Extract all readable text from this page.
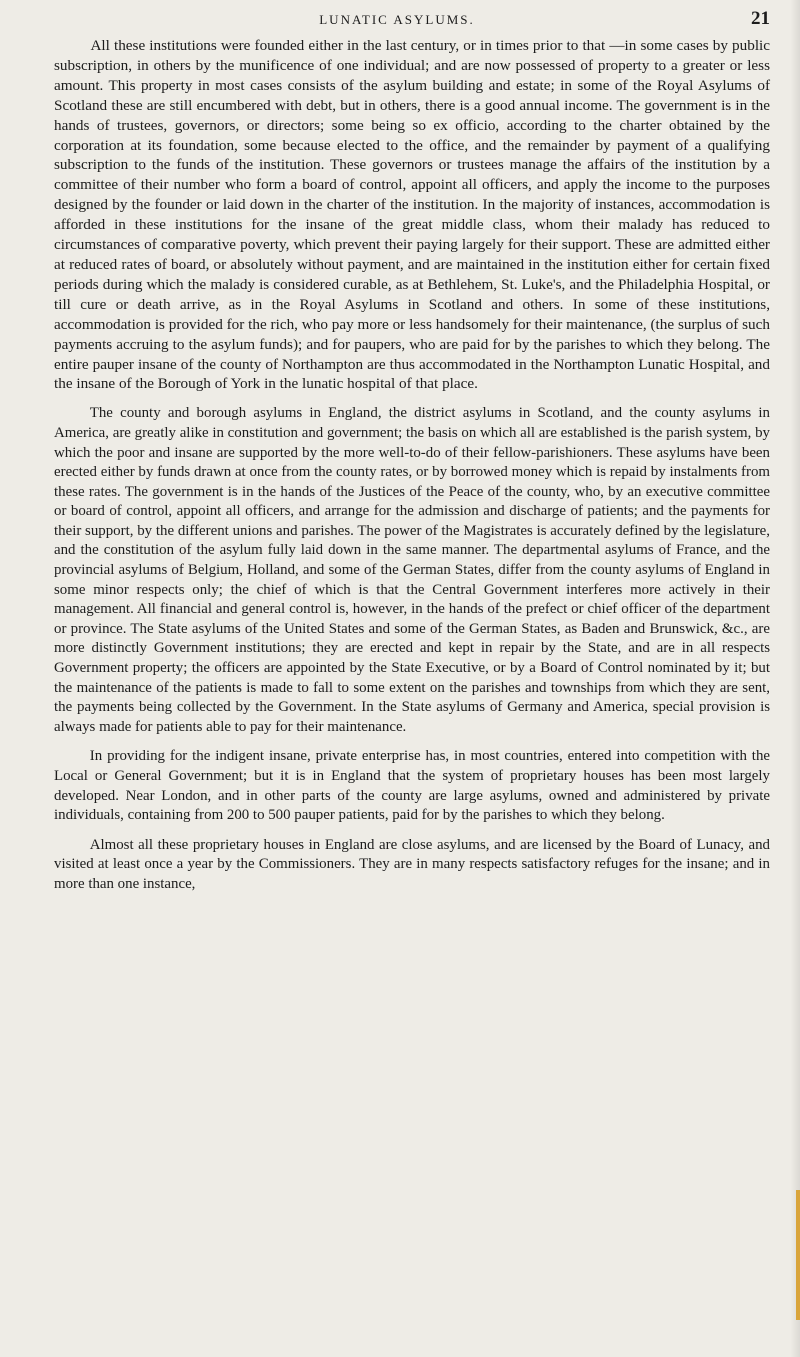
LUNATIC ASYLUMS.	21

All these institutions were founded either in the last century, or in times prior to that —in some cases by public subscription, in others by the munificence of one individual; and are now possessed of property to a greater or less amount. This property in most cases consists of the asylum building and estate; in some of the Royal Asylums of Scotland these are still encumbered with debt, but in others, there is a good annual income. The government is in the hands of trustees, governors, or directors; some being so ex officio, according to the charter obtained by the corporation at its foundation, some because elected to the office, and the remainder by payment of a qualifying subscription to the funds of the institution. These governors or trustees manage the affairs of the institution by a committee of their number who form a board of control, appoint all officers, and apply the income to the purposes designed by the founder or laid down in the charter of the institution. In the majority of instances, accommodation is afforded in these institutions for the insane of the great middle class, whom their malady has reduced to circumstances of comparative poverty, which prevent their paying largely for their support. These are admitted either at reduced rates of board, or absolutely without payment, and are maintained in the institution either for certain fixed periods during which the malady is considered curable, as at Bethlehem, St. Luke's, and the Philadelphia Hospital, or till cure or death arrive, as in the Royal Asylums in Scotland and others. In some of these institutions, accommodation is provided for the rich, who pay more or less handsomely for their maintenance, (the surplus of such payments accruing to the asylum funds); and for paupers, who are paid for by the parishes to which they belong. The entire pauper insane of the county of Northampton are thus accommodated in the Northampton Lunatic Hospital, and the insane of the Borough of York in the lunatic hospital of that place.

The county and borough asylums in England, the district asylums in Scotland, and the county asylums in America, are greatly alike in constitution and government; the basis on which all are established is the parish system, by which the poor and insane are supported by the more well-to-do of their fellow-parishioners. These asylums have been erected either by funds drawn at once from the county rates, or by borrowed money which is repaid by instalments from these rates. The government is in the hands of the Justices of the Peace of the county, who, by an executive committee or board of control, appoint all officers, and arrange for the admission and discharge of patients; and the payments for their support, by the different unions and parishes. The power of the Magistrates is accurately defined by the legislature, and the constitution of the asylum fully laid down in the same manner. The departmental asylums of France, and the provincial asylums of Belgium, Holland, and some of the German States, differ from the county asylums of England in some minor respects only; the chief of which is that the Central Government interferes more actively in their management. All financial and general control is, however, in the hands of the prefect or chief officer of the department or province. The State asylums of the United States and some of the German States, as Baden and Brunswick, &c., are more distinctly Government institutions; they are erected and kept in repair by the State, and are in all respects Government property; the officers are appointed by the State Executive, or by a Board of Control nominated by it; but the maintenance of the patients is made to fall to some extent on the parishes and townships from which they are sent, the payments being collected by the Government. In the State asylums of Germany and America, special provision is always made for patients able to pay for their maintenance.

In providing for the indigent insane, private enterprise has, in most countries, entered into competition with the Local or General Government; but it is in England that the system of proprietary houses has been most largely developed. Near London, and in other parts of the county are large asylums, owned and administered by private individuals, containing from 200 to 500 pauper patients, paid for by the parishes to which they belong.

Almost all these proprietary houses in England are close asylums, and are licensed by the Board of Lunacy, and visited at least once a year by the Commissioners. They are in many respects satisfactory refuges for the insane; and in more than one instance,
